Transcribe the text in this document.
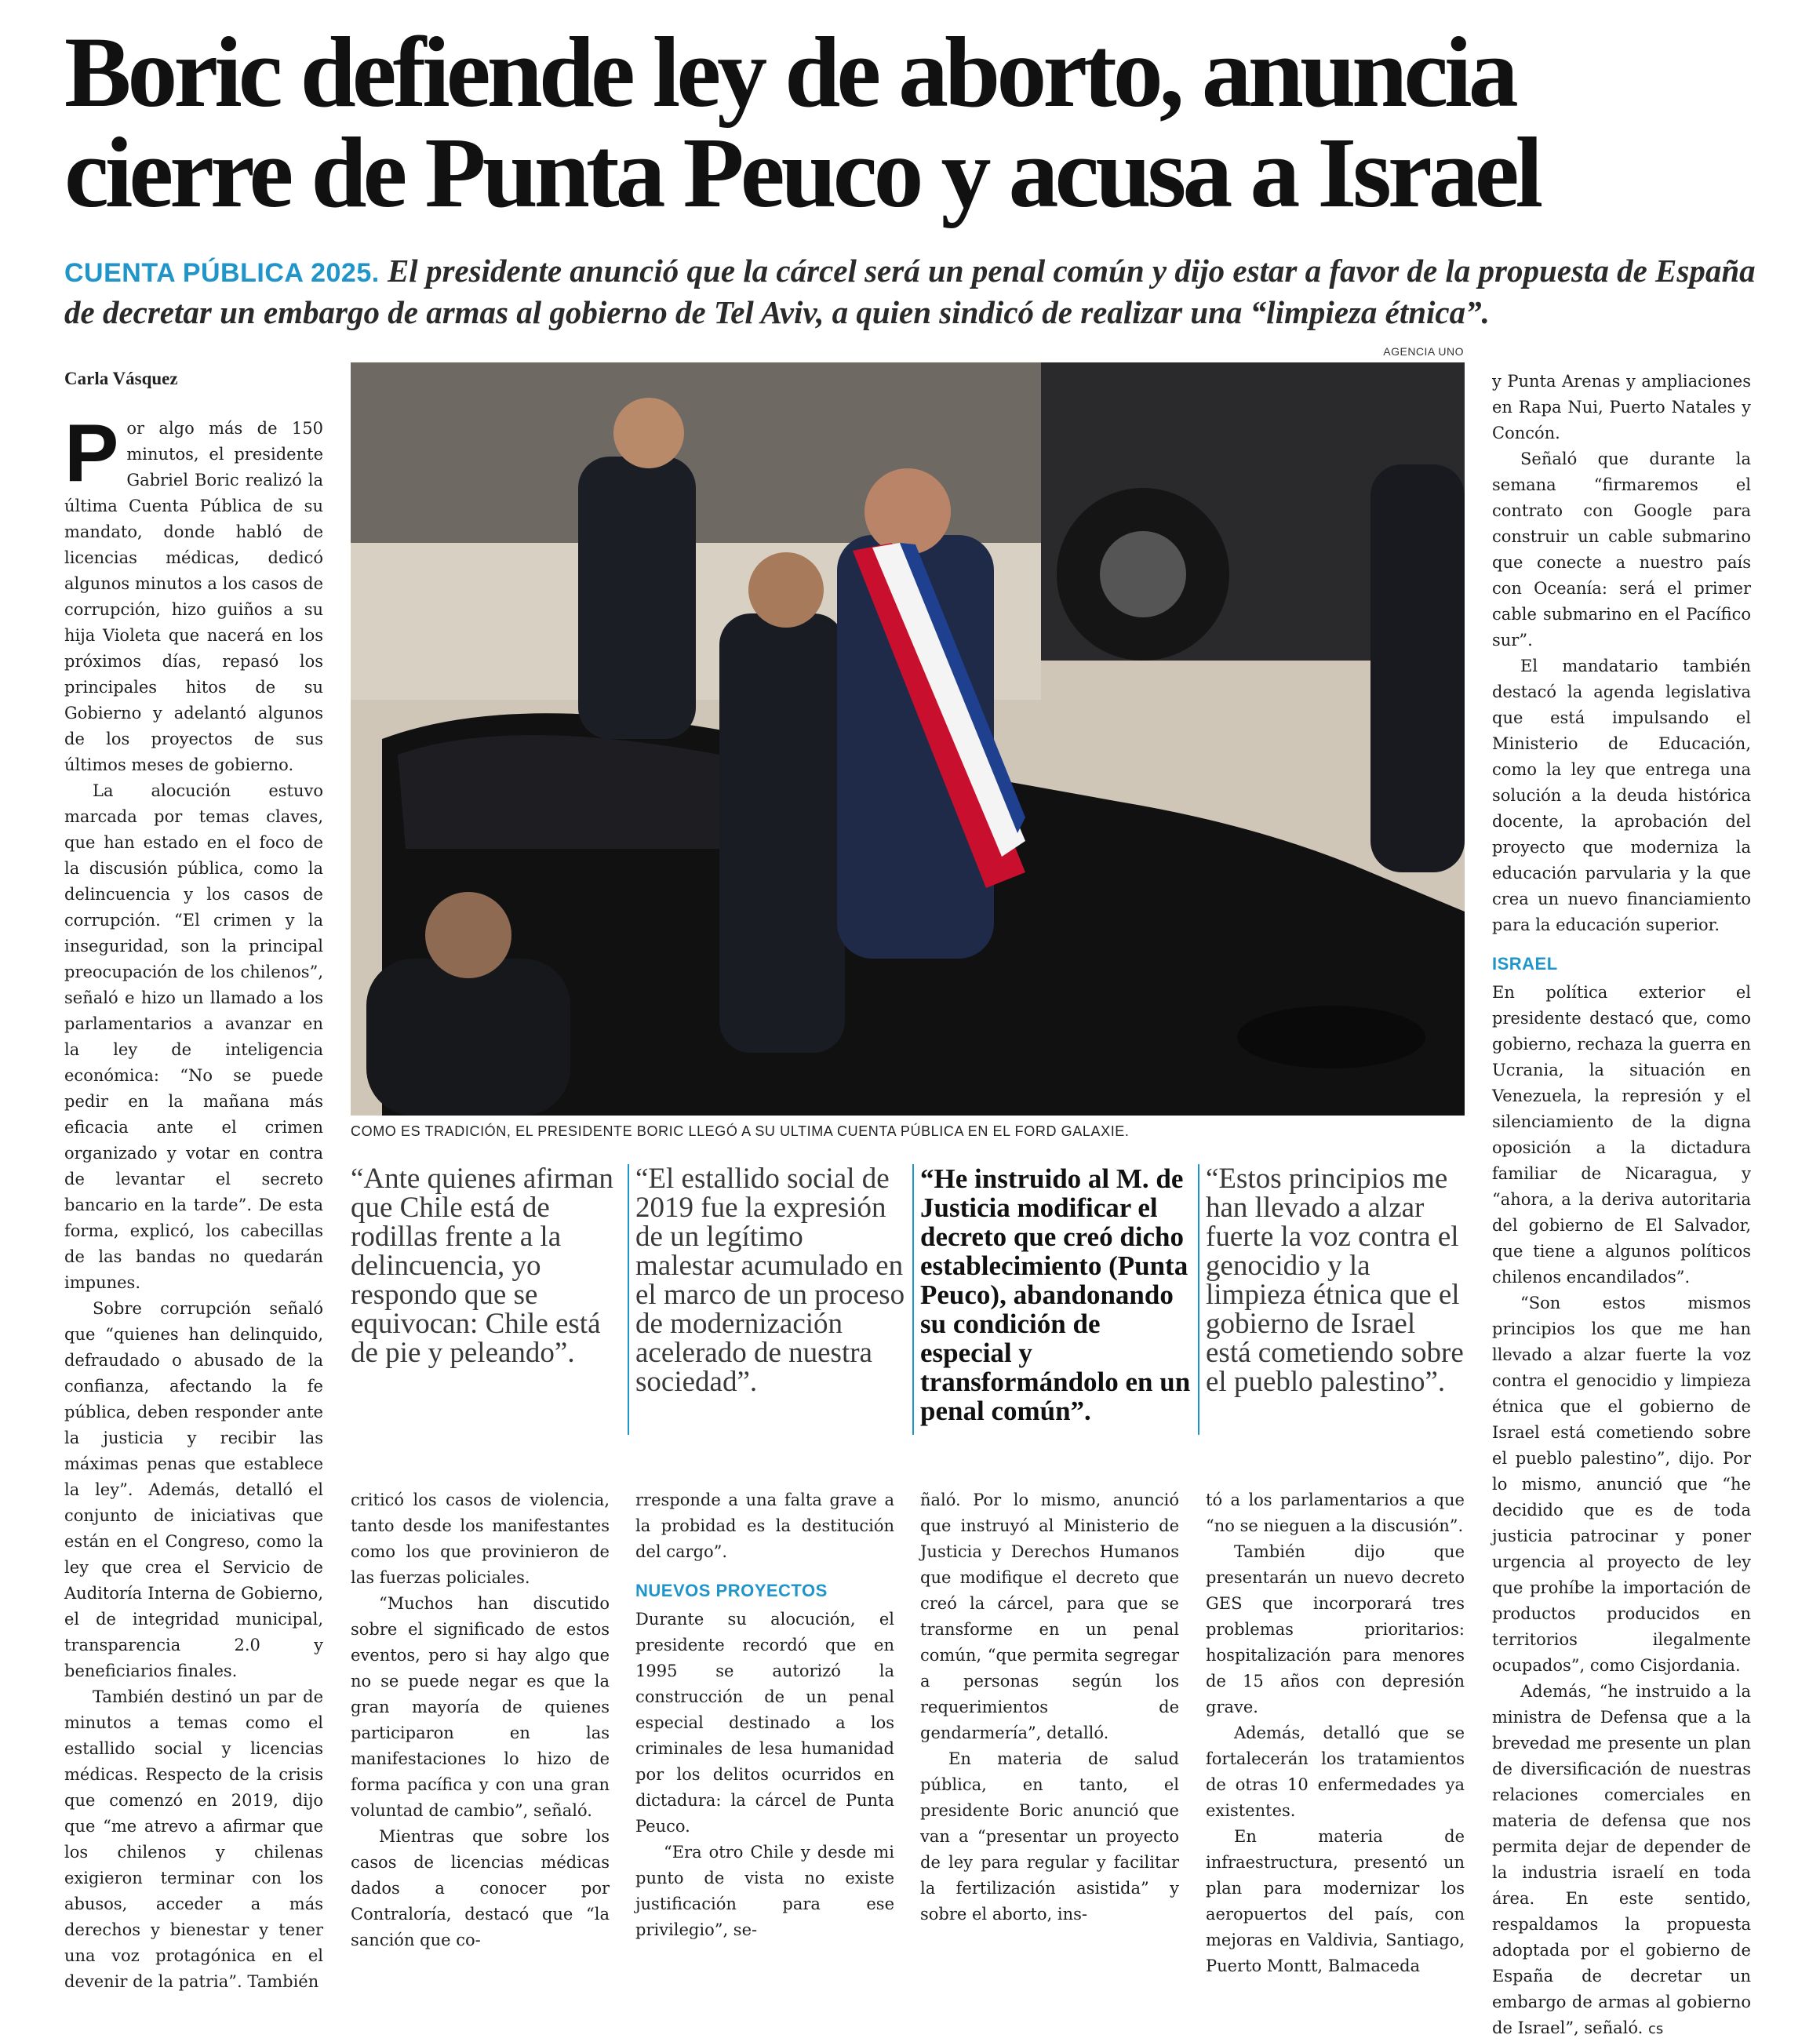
Boric defiende ley de aborto, anuncia
cierre de Punta Peuco y acusa a Israel
CUENTA PÚBLICA 2025. El presidente anunció que la cárcel será un penal común y dijo estar a favor de la propuesta de España de decretar un embargo de armas al gobierno de Tel Aviv, a quien sindicó de realizar una “limpieza étnica”.
AGENCIA UNO
COMO ES TRADICIÓN, EL PRESIDENTE BORIC LLEGÓ A SU ULTIMA CUENTA PÚBLICA EN EL FORD GALAXIE.
Carla Vásquez

Por algo más de 150 minutos, el presidente Gabriel Boric realizó la última Cuenta Pública de su mandato, donde habló de licencias médicas, dedicó algunos minutos a los casos de corrupción, hizo guiños a su hija Violeta que nacerá en los próximos días, repasó los principales hitos de su Gobierno y adelantó algunos de los proyectos de sus últimos meses de gobierno.

La alocución estuvo marcada por temas claves, que han estado en el foco de la discusión pública, como la delincuencia y los casos de corrupción. “El crimen y la inseguridad, son la principal preocupación de los chilenos”, señaló e hizo un llamado a los parlamentarios a avanzar en la ley de inteligencia económica: “No se puede pedir en la mañana más eficacia ante el crimen organizado y votar en contra de levantar el secreto bancario en la tarde”. De esta forma, explicó, los cabecillas de las bandas no quedarán impunes.

Sobre corrupción señaló que “quienes han delinquido, defraudado o abusado de la confianza, afectando la fe pública, deben responder ante la justicia y recibir las máximas penas que establece la ley”. Además, detalló el conjunto de iniciativas que están en el Congreso, como la ley que crea el Servicio de Auditoría Interna de Gobierno, el de integridad municipal, transparencia 2.0 y beneficiarios finales.

También destinó un par de minutos a temas como el estallido social y licencias médicas. Respecto de la crisis que comenzó en 2019, dijo que “me atrevo a afirmar que los chilenos y chilenas exigieron terminar con los abusos, acceder a más derechos y bienestar y tener una voz protagónica en el devenir de la patria”. También

“Ante quienes afirman que Chile está de rodillas frente a la delincuencia, yo respondo que se equivocan: Chile está de pie y peleando”.
“El estallido social de 2019 fue la expresión de un legítimo malestar acumulado en el marco de un proceso de modernización acelerado de nuestra sociedad”.
“He instruido al M. de Justicia modificar el decreto que creó dicho establecimiento (Punta Peuco), abandonando su condición de especial y transformándolo en un penal común”.
“Estos principios me han llevado a alzar fuerte la voz contra el genocidio y la limpieza étnica que el gobierno de Israel está cometiendo sobre el pueblo palestino”.

criticó los casos de violencia, tanto desde los manifestantes como los que provinieron de las fuerzas policiales.

“Muchos han discutido sobre el significado de estos eventos, pero si hay algo que no se puede negar es que la gran mayoría de quienes participaron en las manifestaciones lo hizo de forma pacífica y con una gran voluntad de cambio”, señaló.

Mientras que sobre los casos de licencias médicas dados a conocer por Contraloría, destacó que “la sanción que co-

rresponde a una falta grave a la probidad es la destitución del cargo”.

NUEVOS PROYECTOS

Durante su alocución, el presidente recordó que en 1995 se autorizó la construcción de un penal especial destinado a los criminales de lesa humanidad por los delitos ocurridos en dictadura: la cárcel de Punta Peuco.

“Era otro Chile y desde mi punto de vista no existe justificación para ese privilegio”, se-

ñaló. Por lo mismo, anunció que instruyó al Ministerio de Justicia y Derechos Humanos que modifique el decreto que creó la cárcel, para que se transforme en un penal común, “que permita segregar a personas según los requerimientos de gendarmería”, detalló.

En materia de salud pública, en tanto, el presidente Boric anunció que van a “presentar un proyecto de ley para regular y facilitar la fertilización asistida” y sobre el aborto, ins-

tó a los parlamentarios a que “no se nieguen a la discusión”.

También dijo que presentarán un nuevo decreto GES que incorporará tres problemas prioritarios: hospitalización para menores de 15 años con depresión grave.

Además, detalló que se fortalecerán los tratamientos de otras 10 enfermedades ya existentes.

En materia de infraestructura, presentó un plan para modernizar los aeropuertos del país, con mejoras en Valdivia, Santiago, Puerto Montt, Balmaceda

y Punta Arenas y ampliaciones en Rapa Nui, Puerto Natales y Concón.

Señaló que durante la semana “firmaremos el contrato con Google para construir un cable submarino que conecte a nuestro país con Oceanía: será el primer cable submarino en el Pacífico sur”.

El mandatario también destacó la agenda legislativa que está impulsando el Ministerio de Educación, como la ley que entrega una solución a la deuda histórica docente, la aprobación del proyecto que moderniza la educación parvularia y la que crea un nuevo financiamiento para la educación superior.

ISRAEL

En política exterior el presidente destacó que, como gobierno, rechaza la guerra en Ucrania, la situación en Venezuela, la represión y el silenciamiento de la digna oposición a la dictadura familiar de Nicaragua, y “ahora, a la deriva autoritaria del gobierno de El Salvador, que tiene a algunos políticos chilenos encandilados”.

“Son estos mismos principios los que me han llevado a alzar fuerte la voz contra el genocidio y limpieza étnica que el gobierno de Israel está cometiendo sobre el pueblo palestino”, dijo. Por lo mismo, anunció que “he decidido que es de toda justicia patrocinar y poner urgencia al proyecto de ley que prohíbe la importación de productos producidos en territorios ilegalmente ocupados”, como Cisjordania.

Además, “he instruido a la ministra de Defensa que a la brevedad me presente un plan de diversificación de nuestras relaciones comerciales en materia de defensa que nos permita dejar de depender de la industria israelí en toda área. En este sentido, respaldamos la propuesta adoptada por el gobierno de España de decretar un embargo de armas al gobierno de Israel”, señaló. cs
